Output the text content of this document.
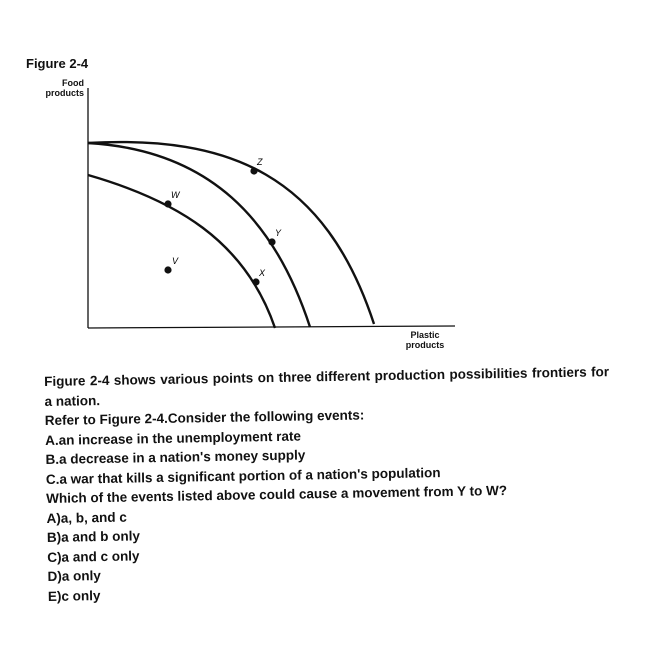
Figure 2-4
Food
products
Plastic
products
Z
W
Y
V
X

Figure 2-4 shows various points on three different production possibilities frontiers for a nation.

Refer to Figure 2-4.Consider the following events:

A.an increase in the unemployment rate

B.a decrease in a nation's money supply

C.a war that kills a significant portion of a nation's population

Which of the events listed above could cause a movement from Y to W?

A)a, b, and c

B)a and b only

C)a and c only

D)a only

E)c only
